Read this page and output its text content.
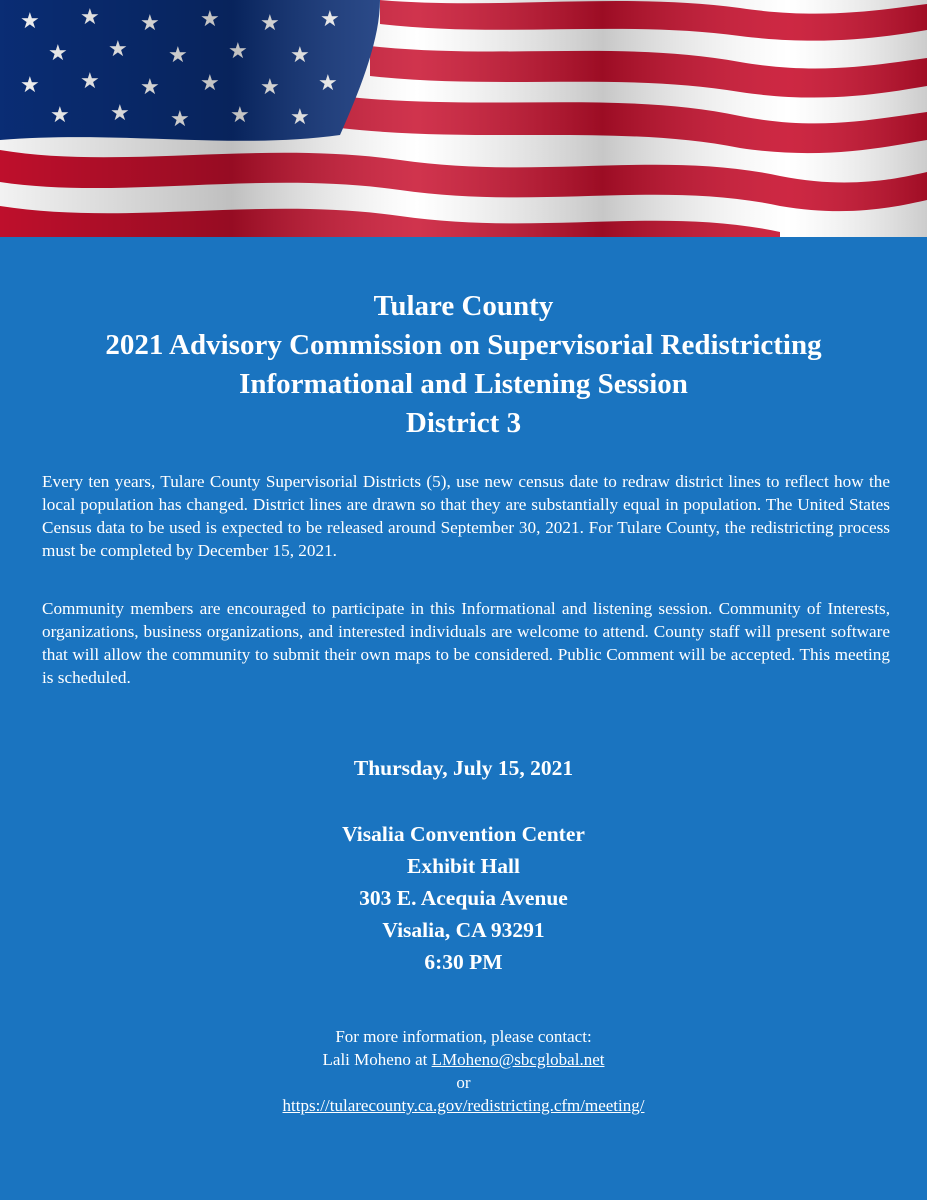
Tulare County

2021 Advisory Commission on Supervisorial Redistricting

Informational and Listening Session

District 3

Every ten years, Tulare County Supervisorial Districts (5), use new census date to redraw district lines to reflect how the local population has changed. District lines are drawn so that they are substantially equal in population. The United States Census data to be used is expected to be released around September 30, 2021. For Tulare County, the redistricting process must be completed by December 15, 2021.

Community members are encouraged to participate in this Informational and listening session. Community of Interests, organizations, business organizations, and interested individuals are welcome to attend. County staff will present software that will allow the community to submit their own maps to be considered. Public Comment will be accepted. This meeting is scheduled.

Thursday, July 15, 2021

Visalia Convention Center

Exhibit Hall

303 E. Acequia Avenue

Visalia, CA 93291

6:30 PM

For more information, please contact:

Lali Moheno at LMoheno@sbcglobal.net

or

https://tularecounty.ca.gov/redistricting.cfm/meeting/
